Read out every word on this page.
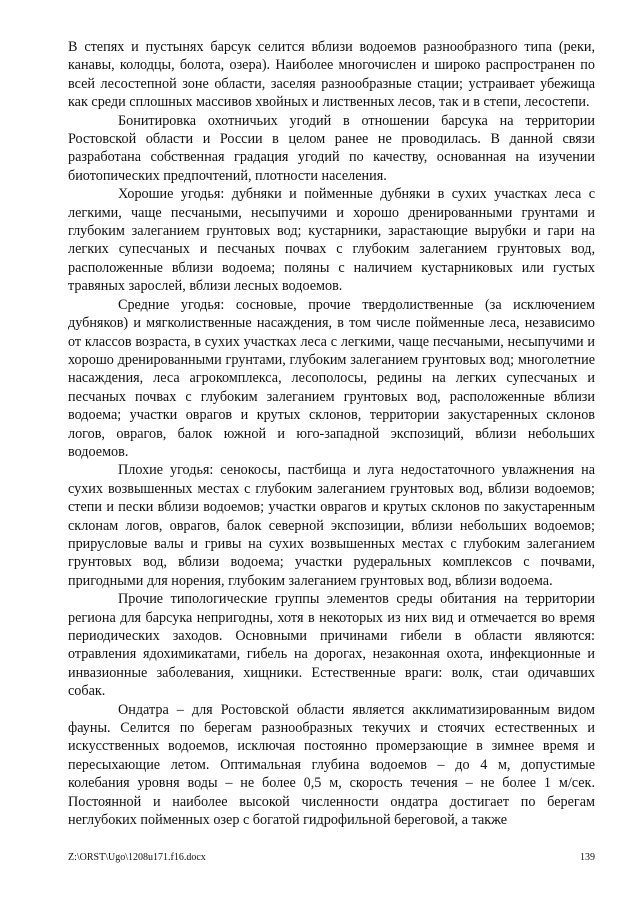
В степях и пустынях барсук селится вблизи водоемов разнообразного типа (реки, канавы, колодцы, болота, озера). Наиболее многочислен и широко распространен по всей лесостепной зоне области, заселяя разнообразные стации; устраивает убежища как среди сплошных массивов хвойных и лиственных лесов, так и в степи, лесостепи.

Бонитировка охотничьих угодий в отношении барсука на территории Ростовской области и России в целом ранее не проводилась. В данной связи разработана собственная градация угодий по качеству, основанная на изучении биотопических предпочтений, плотности населения.

Хорошие угодья: дубняки и пойменные дубняки в сухих участках леса с легкими, чаще песчаными, несыпучими и хорошо дренированными грунтами и глубоким залеганием грунтовых вод; кустарники, зарастающие вырубки и гари на легких супесчаных и песчаных почвах с глубоким залеганием грунтовых вод, расположенные вблизи водоема; поляны с наличием кустарниковых или густых травяных зарослей, вблизи лесных водоемов.

Средние угодья: сосновые, прочие твердолиственные (за исключением дубняков) и мягколиственные насаждения, в том числе пойменные леса, независимо от классов возраста, в сухих участках леса с легкими, чаще песчаными, несыпучими и хорошо дренированными грунтами, глубоким залеганием грунтовых вод; многолетние насаждения, леса агрокомплекса, лесополосы, редины на легких супесчаных и песчаных почвах с глубоким залеганием грунтовых вод, расположенные вблизи водоема; участки оврагов и крутых склонов, территории закустаренных склонов логов, оврагов, балок южной и юго-западной экспозиций, вблизи небольших водоемов.

Плохие угодья: сенокосы, пастбища и луга недостаточного увлажнения на сухих возвышенных местах с глубоким залеганием грунтовых вод, вблизи водоемов; степи и пески вблизи водоемов; участки оврагов и крутых склонов по закустаренным склонам логов, оврагов, балок северной экспозиции, вблизи небольших водоемов; прирусловые валы и гривы на сухих возвышенных местах с глубоким залеганием грунтовых вод, вблизи водоема; участки рудеральных комплексов с почвами, пригодными для норения, глубоким залеганием грунтовых вод, вблизи водоема.

Прочие типологические группы элементов среды обитания на территории региона для барсука непригодны, хотя в некоторых из них вид и отмечается во время периодических заходов. Основными причинами гибели в области являются: отравления ядохимикатами, гибель на дорогах, незаконная охота, инфекционные и инвазионные заболевания, хищники. Естественные враги: волк, стаи одичавших собак.

Ондатра – для Ростовской области является акклиматизированным видом фауны. Селится по берегам разнообразных текучих и стоячих естественных и искусственных водоемов, исключая постоянно промерзающие в зимнее время и пересыхающие летом. Оптимальная глубина водоемов – до 4 м, допустимые колебания уровня воды – не более 0,5 м, скорость течения – не более 1 м/сек. Постоянной и наиболее высокой численности ондатра достигает по берегам неглубоких пойменных озер с богатой гидрофильной береговой, а также

Z:\ORST\Ugo\1208u171.f16.docx	139
